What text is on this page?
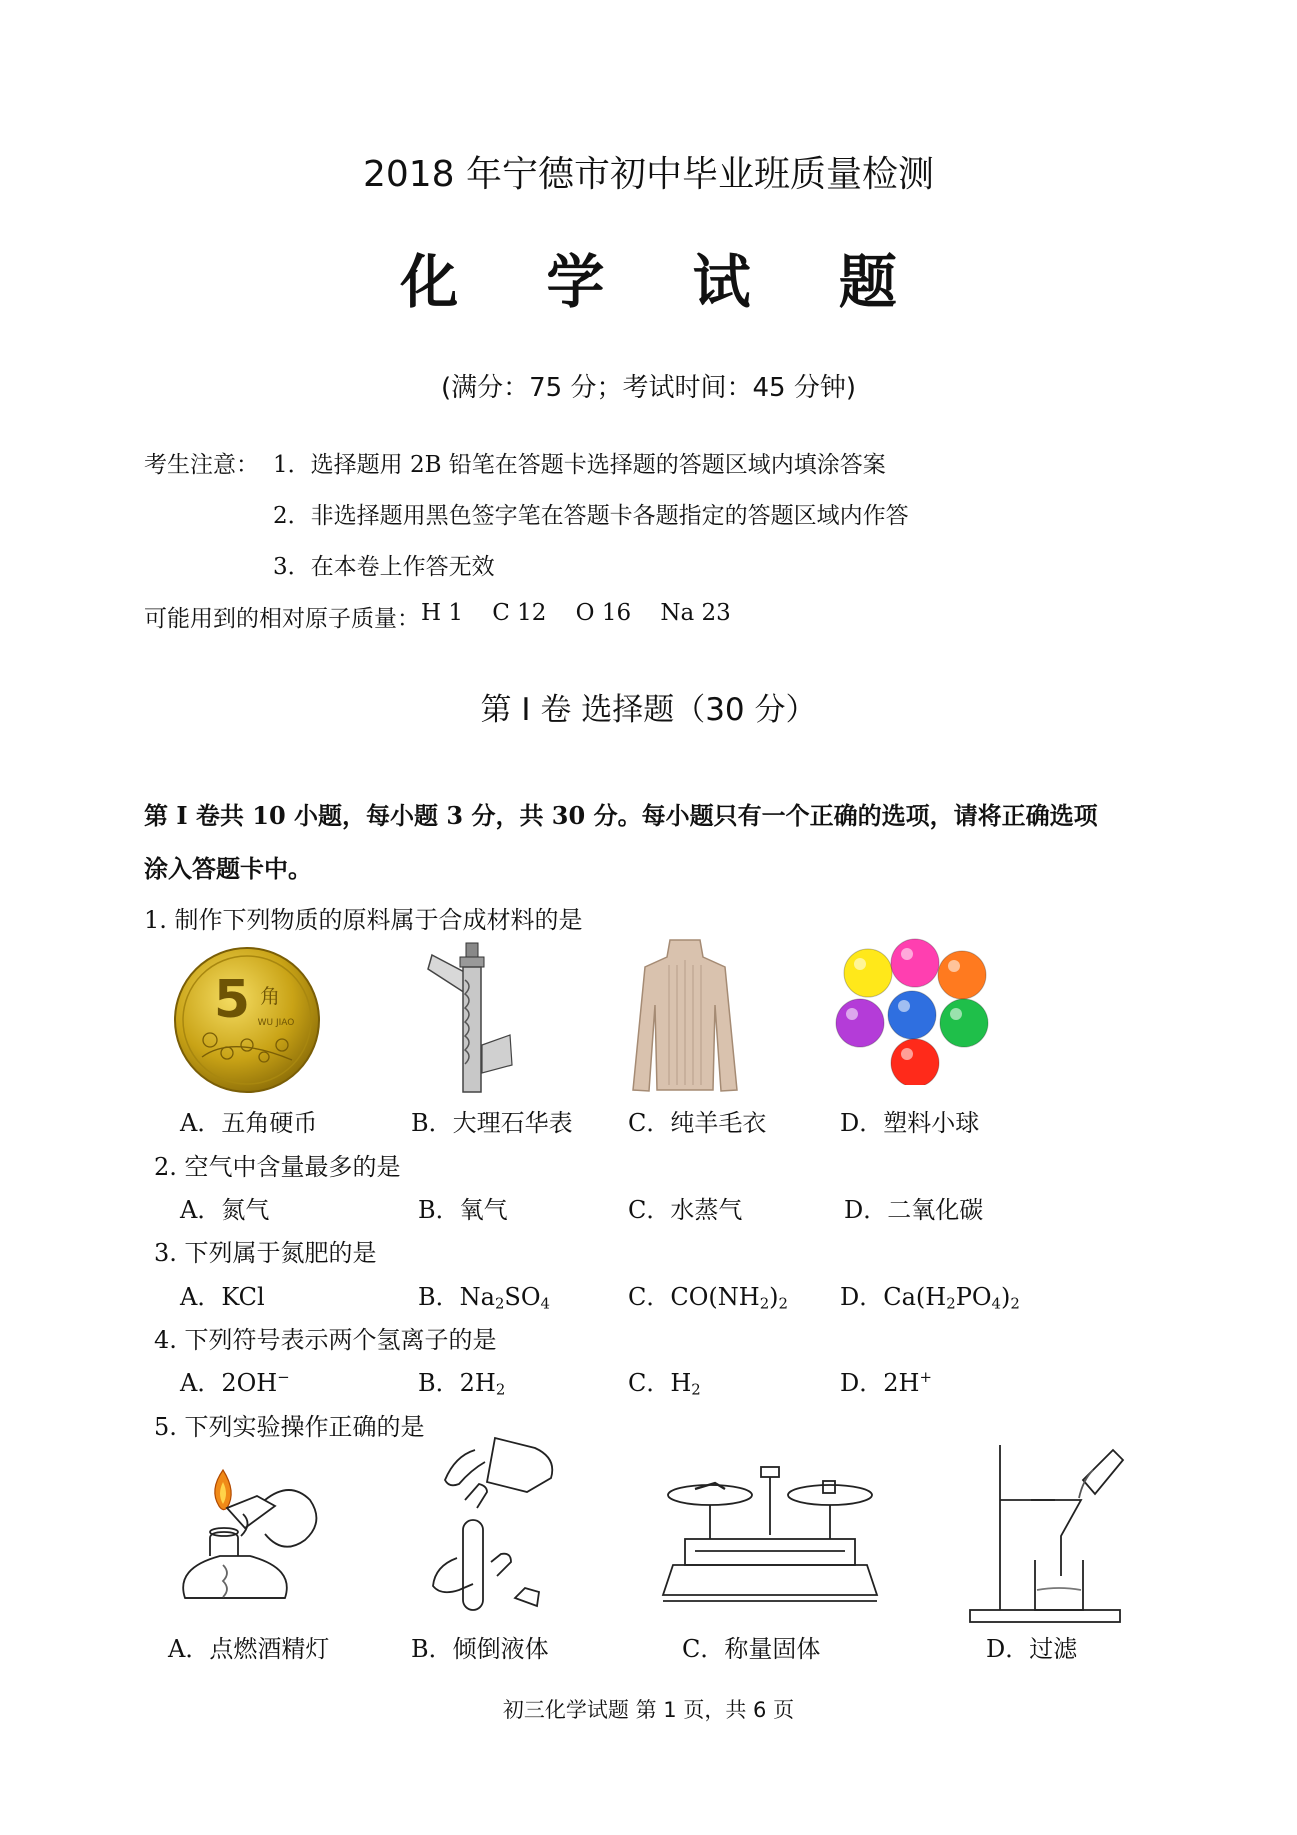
2018 年宁德市初中毕业班质量检测
化 学 试 题
(满分：75 分；考试时间：45 分钟)
考生注意： 1．选择题用 2B 铅笔在答题卡选择题的答题区域内填涂答案
2．非选择题用黑色签字笔在答题卡各题指定的答题区域内作答
3．在本卷上作答无效
可能用到的相对原子质量： H 1    C 12    O 16    Na 23
第 I 卷 选择题（30 分）
第 I 卷共 10 小题，每小题 3 分，共 30 分。每小题只有一个正确的选项，请将正确选项
涂入答题卡中。
1. 制作下列物质的原料属于合成材料的是
5 角
WU JIAO
A．五角硬币	B．大理石华表 C．纯羊毛衣	D．塑料小球
2. 空气中含量最多的是
A．氮气	B．氧气	C．水蒸气	D．二氧化碳
3. 下列属于氮肥的是
A．KCl	B．$Na_2SO_4$	C．$CO(NH_2)_2$ D．$Ca(H_2PO_4)_2$
4. 下列符号表示两个氢离子的是
A．2OH−	B．$2H_2$	C．$H_2$	D．2H+
5. 下列实验操作正确的是
A．点燃酒精灯	B．倾倒液体	C．称量固体	D．过滤
初三化学试题 第 1 页，共 6 页
